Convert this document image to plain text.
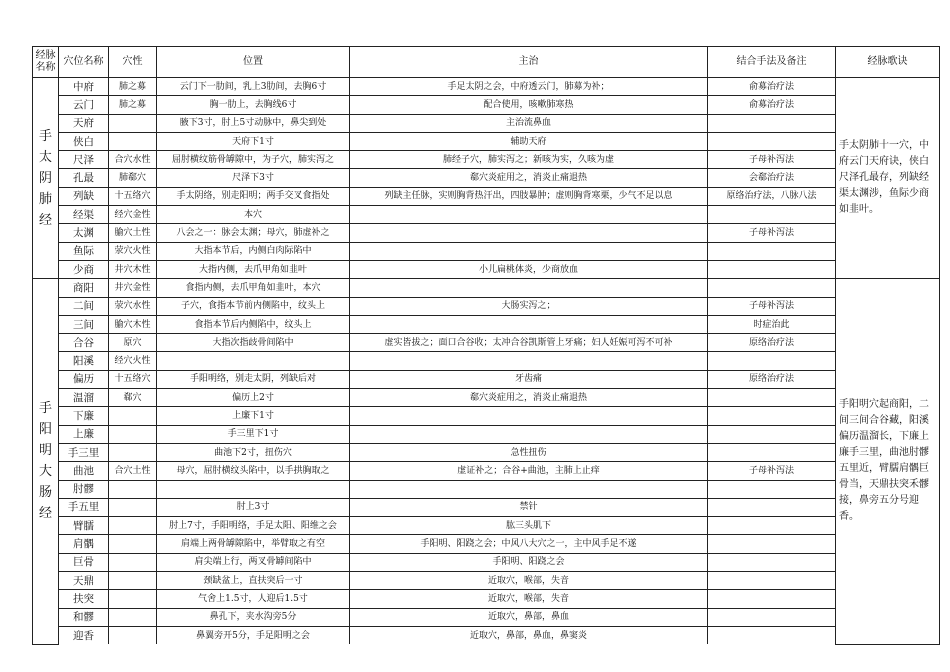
经脉名称	穴位名称	穴性	位置	主治	结合手法及备注	经脉歌诀
手太阴肺经	中府	肺之募	云门下一肋间，乳上3肋间，去胸6寸	手足太阴之会，中府透云门，肺募为补；	俞募治疗法	手太阴肺十一穴，中府云门天府诀，侠白尺泽孔最存，列缺经渠太渊涉，鱼际少商如韭叶。
	云门	肺之募	胸一肋上，去胸线6寸	配合使用，咳嗽肺寒热	俞募治疗法	
	天府		腋下3寸，肘上5寸动脉中，鼻尖到处	主治流鼻血		
	侠白		天府下1寸	辅助天府		
	尺泽	合穴水性	屈肘横纹筋骨罅隙中，为子穴，肺实泻之	肺经子穴，肺实泻之；新咳为实，久咳为虚	子母补泻法	
	孔最	肺郗穴	尺泽下3寸	郗穴炎症用之，消炎止痛退热	会郗治疗法	
	列缺	十五络穴	手太阴络，别走阳明；两手交叉食指处	列缺主任脉，实则胸背热汗出，四肢暴肿；虚则胸背寒栗，少气不足以息	原络治疗法，八脉八法	
	经渠	经穴金性	本穴			
	太渊	腧穴土性	八会之一：脉会太渊；母穴，肺虚补之		子母补泻法	
	鱼际	荥穴火性	大指本节后，内侧白肉际陷中			
	少商	井穴木性	大指内侧，去爪甲角如韭叶	小儿扁桃体炎，少商放血		
手阳明大肠经	商阳	井穴金性	食指内侧，去爪甲角如韭叶，本穴			手阳明穴起商阳，二间三间合谷藏，阳溪偏历温溜长，下廉上廉手三里，曲池肘髎五里近，臂臑肩髃巨骨当，天鼎扶突禾髎接，鼻旁五分号迎香。
	二间	荥穴水性	子穴，食指本节前内侧陷中，纹头上	大肠实泻之；	子母补泻法	
	三间	腧穴木性	食指本节后内侧陷中，纹头上		时症治此	
	合谷	原穴	大指次指歧骨间陷中	虚实皆拔之；面口合谷收；太冲合谷凯斯管上牙痛；妇人妊娠可泻不可补	原络治疗法	
	阳溪	经穴火性				
	偏历	十五络穴	手阳明络，别走太阴，列缺后对	牙齿痛	原络治疗法	
	温溜	郗穴	偏历上2寸	郗穴炎症用之，消炎止痛退热		
	下廉		上廉下1寸			
	上廉		手三里下1寸			
	手三里		曲池下2寸，扭伤穴	急性扭伤		
	曲池	合穴土性	母穴，屈肘横纹头陷中，以手拱胸取之	虚证补之；合谷+曲池，主肺上止痒	子母补泻法	
	肘髎					
	手五里		肘上3寸	禁针		
	臂臑		肘上7寸，手阳明络，手足太阳、阳维之会	肱三头肌下		
	肩髃		肩端上两骨罅隙陷中，举臂取之有空	手阳明、阳跷之会；中风八大穴之一，主中风手足不遂		
	巨骨		肩尖端上行，两叉骨罅间陷中	手阳明、阳跷之会		
	天鼎		颈缺盆上，直扶突后一寸	近取穴，喉部，失音		
	扶突		气舍上1.5寸，人迎后1.5寸	近取穴，喉部，失音		
	和髎		鼻孔下，夹水沟旁5分	近取穴，鼻部，鼻血		
	迎香		鼻翼旁开5分，手足阳明之会	近取穴，鼻部，鼻血，鼻窦炎		
